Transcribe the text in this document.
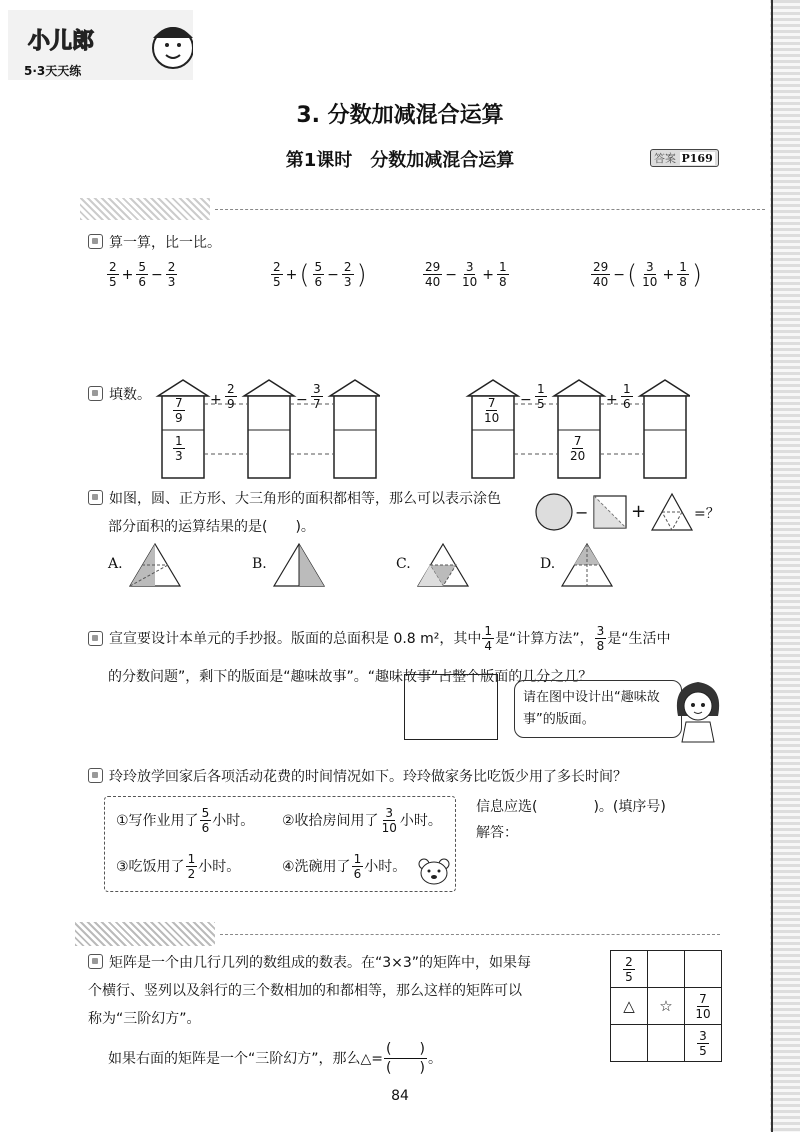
小儿郎
5·3天天练
3. 分数加减混合运算
第1课时　分数加减混合运算	答案 P169
算一算，比一比。
$\frac{2}{5} + \frac{5}{6} - \frac{2}{3}$	$\frac{2}{5}$ + ( $\frac{5}{6} - \frac{2}{3}$ )	$\frac{29}{40} - \frac{3}{10} + \frac{1}{8}$	$\frac{29}{40}$ − ( $\frac{3}{10} + \frac{1}{8}$ )
填数。
$\frac{7}{9}$
$\frac{1}{3}$
+ $\frac{2}{9}$	− $\frac{3}{7}$	$\frac{7}{10}$
$\frac{7}{20}$
− $\frac{1}{5}$	+ $\frac{1}{6}$
如图，圆、正方形、大三角形的面积都相等，那么可以表示涂色
部分面积的运算结果的是(　　)。
− +	=？
A.	B.	C.	D.
宣宣要设计本单元的手抄报。版面的总面积是 0.8 m²，其中 $\frac{1}{4}$ 是“计算方法”， $\frac{3}{8}$ 是“生活中
的分数问题”，剩下的版面是“趣味故事”。“趣味故事”占整个版面的几分之几？
请在图中设计出“趣味故事”的版面。
玲玲放学回家后各项活动花费的时间情况如下。玲玲做家务比吃饭少用了多长时间？
①写作业用了 $\frac{5}{6}$ 小时。 ②收拾房间用了 $\frac{3}{10}$ 小时。
③吃饭用了 $\frac{1}{2}$ 小时。	④洗碗用了 $\frac{1}{6}$ 小时。
信息应选(　　　　)。(填序号)
解答：
矩阵是一个由几行几列的数组成的数表。在“3×3”的矩阵中，如果每
个横行、竖列以及斜行的三个数相加的和都相等，那么这样的矩阵可以
称为“三阶幻方”。
如果右面的矩阵是一个“三阶幻方”，那么△= $\frac{( )}{( )}$ 。
$\frac{2}{5}$

△	☆	$\frac{7}{10}$

		$\frac{3}{5}$
84
